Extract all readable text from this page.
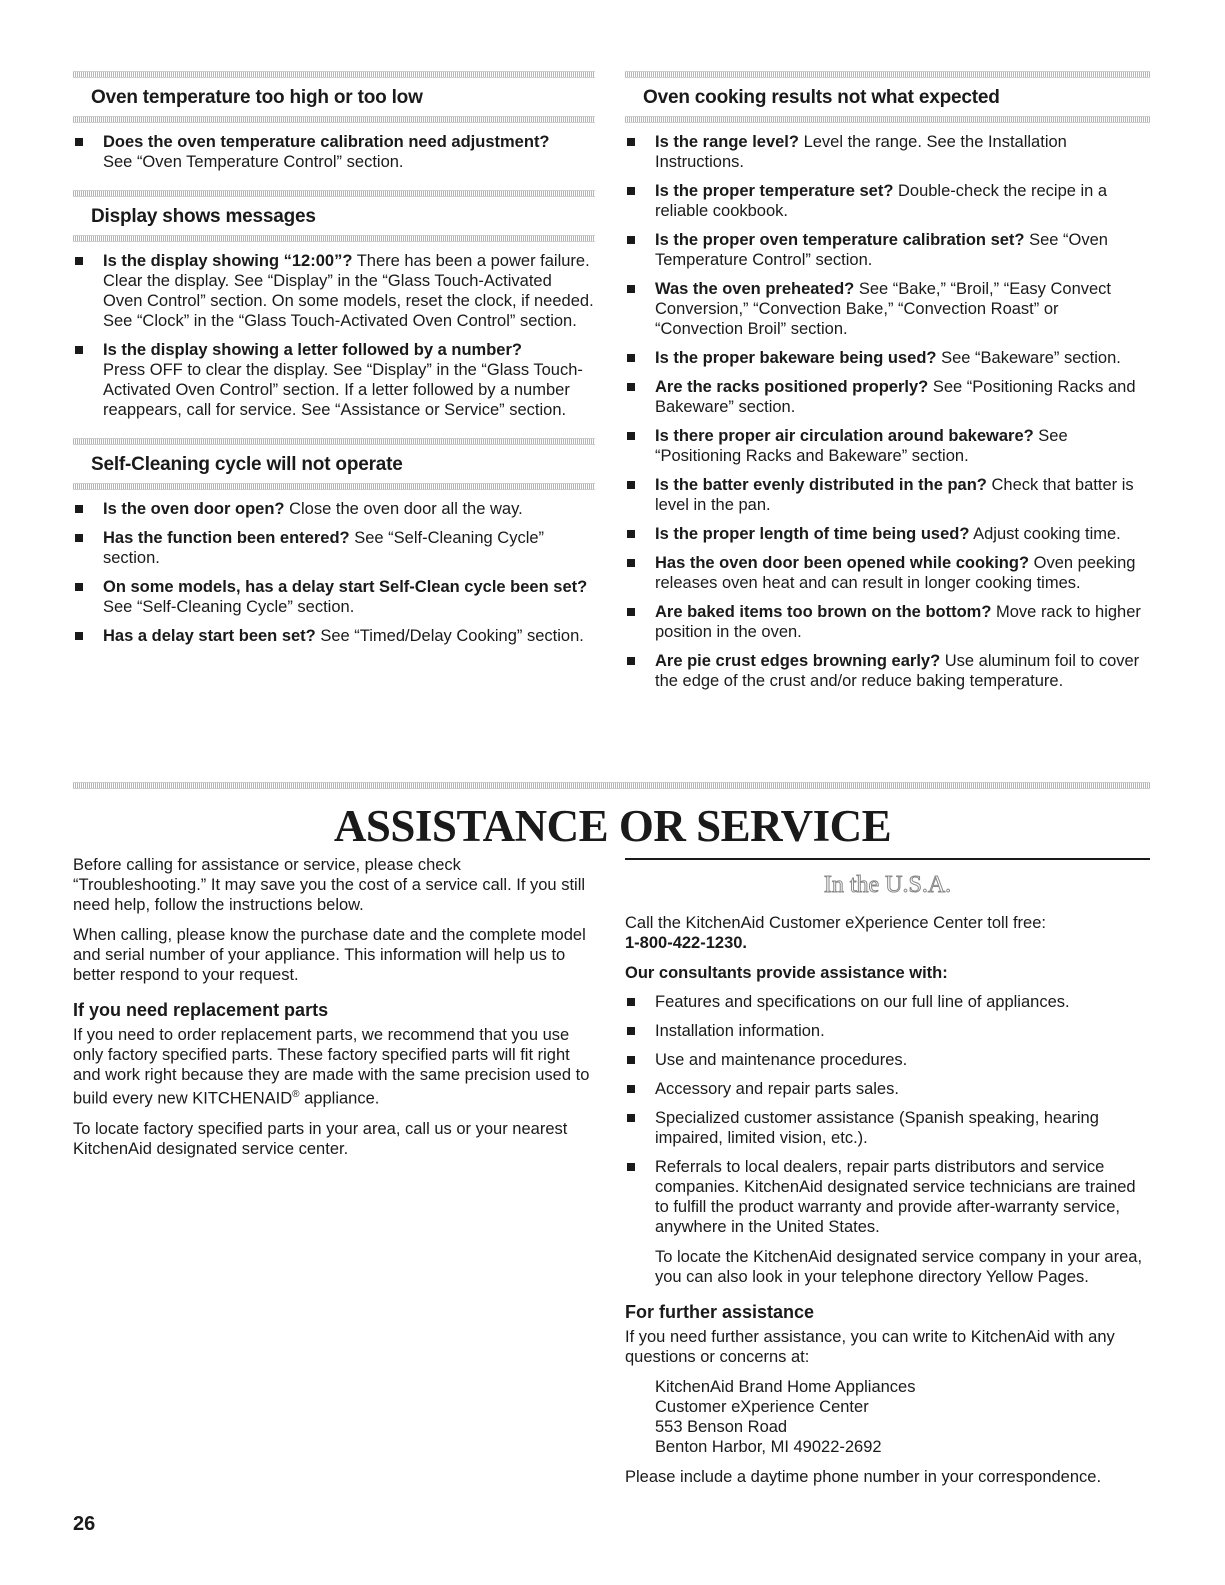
Oven temperature too high or too low
Does the oven temperature calibration need adjustment?
See “Oven Temperature Control” section.
Display shows messages
Is the display showing “12:00”? There has been a power failure. Clear the display. See “Display” in the “Glass Touch-Activated Oven Control” section. On some models, reset the clock, if needed. See “Clock” in the “Glass Touch-Activated Oven Control” section.
Is the display showing a letter followed by a number?
Press OFF to clear the display. See “Display” in the “Glass Touch-Activated Oven Control” section. If a letter followed by a number reappears, call for service. See “Assistance or Service” section.
Self-Cleaning cycle will not operate
Is the oven door open? Close the oven door all the way.
Has the function been entered? See “Self-Cleaning Cycle” section.
On some models, has a delay start Self-Clean cycle been set? See “Self-Cleaning Cycle” section.
Has a delay start been set? See “Timed/Delay Cooking” section.
Oven cooking results not what expected
Is the range level? Level the range. See the Installation Instructions.
Is the proper temperature set? Double-check the recipe in a reliable cookbook.
Is the proper oven temperature calibration set? See “Oven Temperature Control” section.
Was the oven preheated? See “Bake,” “Broil,” “Easy Convect Conversion,” “Convection Bake,” “Convection Roast” or “Convection Broil” section.
Is the proper bakeware being used? See “Bakeware” section.
Are the racks positioned properly? See “Positioning Racks and Bakeware” section.
Is there proper air circulation around bakeware? See “Positioning Racks and Bakeware” section.
Is the batter evenly distributed in the pan? Check that batter is level in the pan.
Is the proper length of time being used? Adjust cooking time.
Has the oven door been opened while cooking? Oven peeking releases oven heat and can result in longer cooking times.
Are baked items too brown on the bottom? Move rack to higher position in the oven.
Are pie crust edges browning early? Use aluminum foil to cover the edge of the crust and/or reduce baking temperature.
ASSISTANCE OR SERVICE

Before calling for assistance or service, please check “Troubleshooting.” It may save you the cost of a service call. If you still need help, follow the instructions below.

When calling, please know the purchase date and the complete model and serial number of your appliance. This information will help us to better respond to your request.

If you need replacement parts

If you need to order replacement parts, we recommend that you use only factory specified parts. These factory specified parts will fit right and work right because they are made with the same precision used to build every new KITCHENAID® appliance.

To locate factory specified parts in your area, call us or your nearest KitchenAid designated service center.

In the U.S.A.

Call the KitchenAid Customer eXperience Center toll free:

1-800-422-1230.

Our consultants provide assistance with:
Features and specifications on our full line of appliances.
Installation information.
Use and maintenance procedures.
Accessory and repair parts sales.
Specialized customer assistance (Spanish speaking, hearing impaired, limited vision, etc.).
Referrals to local dealers, repair parts distributors and service companies. KitchenAid designated service technicians are trained to fulfill the product warranty and provide after-warranty service, anywhere in the United States.

To locate the KitchenAid designated service company in your area, you can also look in your telephone directory Yellow Pages.

For further assistance

If you need further assistance, you can write to KitchenAid with any questions or concerns at:

KitchenAid Brand Home Appliances
Customer eXperience Center
553 Benson Road
Benton Harbor, MI 49022-2692

Please include a daytime phone number in your correspondence.

26
